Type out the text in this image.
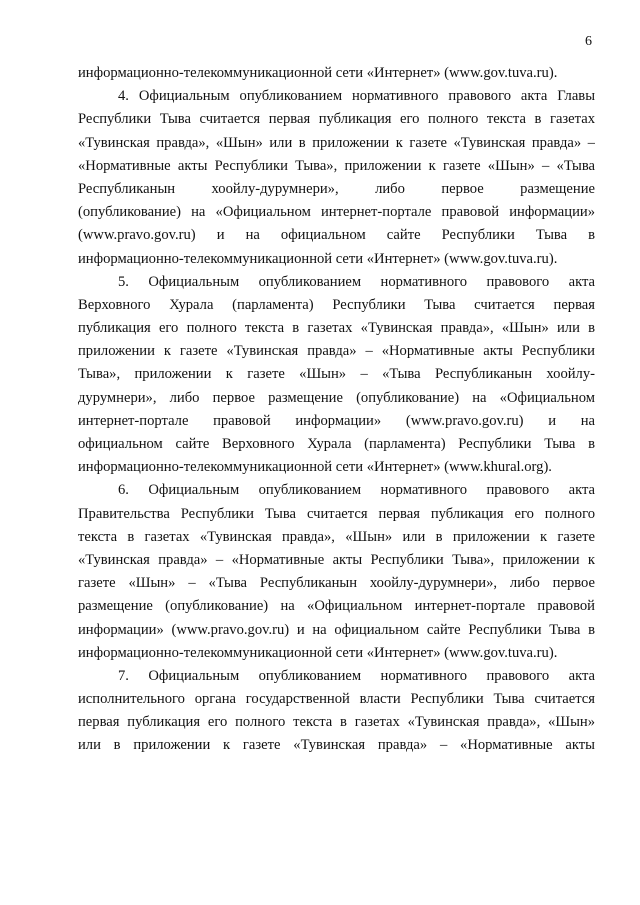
6
информационно-телекоммуникационной сети «Интернет» (www.gov.tuva.ru).
4. Официальным опубликованием нормативного правового акта Главы
Республики Тыва считается первая публикация его полного текста в газетах
«Тувинская правда», «Шын» или в приложении к газете «Тувинская правда» –
«Нормативные акты Республики Тыва», приложении к газете «Шын» – «Тыва
Республиканын хоойлу-дурумнери», либо первое размещение
(опубликование) на «Официальном интернет-портале правовой информации»
(www.pravo.gov.ru) и на официальном сайте Республики Тыва в
информационно-телекоммуникационной сети «Интернет» (www.gov.tuva.ru).
5. Официальным опубликованием нормативного правового акта
Верховного Хурала (парламента) Республики Тыва считается первая
публикация его полного текста в газетах «Тувинская правда», «Шын» или в
приложении к газете «Тувинская правда» – «Нормативные акты Республики
Тыва», приложении к газете «Шын» – «Тыва Республиканын хоойлу-
дурумнери», либо первое размещение (опубликование) на «Официальном
интернет-портале правовой информации» (www.pravo.gov.ru) и на
официальном сайте Верховного Хурала (парламента) Республики Тыва в
информационно-телекоммуникационной сети «Интернет» (www.khural.org).
6. Официальным опубликованием нормативного правового акта
Правительства Республики Тыва считается первая публикация его полного
текста в газетах «Тувинская правда», «Шын» или в приложении к газете
«Тувинская правда» – «Нормативные акты Республики Тыва», приложении к
газете «Шын» – «Тыва Республиканын хоойлу-дурумнери», либо первое
размещение (опубликование) на «Официальном интернет-портале правовой
информации» (www.pravo.gov.ru) и на официальном сайте Республики Тыва в
информационно-телекоммуникационной сети «Интернет» (www.gov.tuva.ru).
7. Официальным опубликованием нормативного правового акта
исполнительного органа государственной власти Республики Тыва считается
первая публикация его полного текста в газетах «Тувинская правда», «Шын»
или в приложении к газете «Тувинская правда» – «Нормативные акты
